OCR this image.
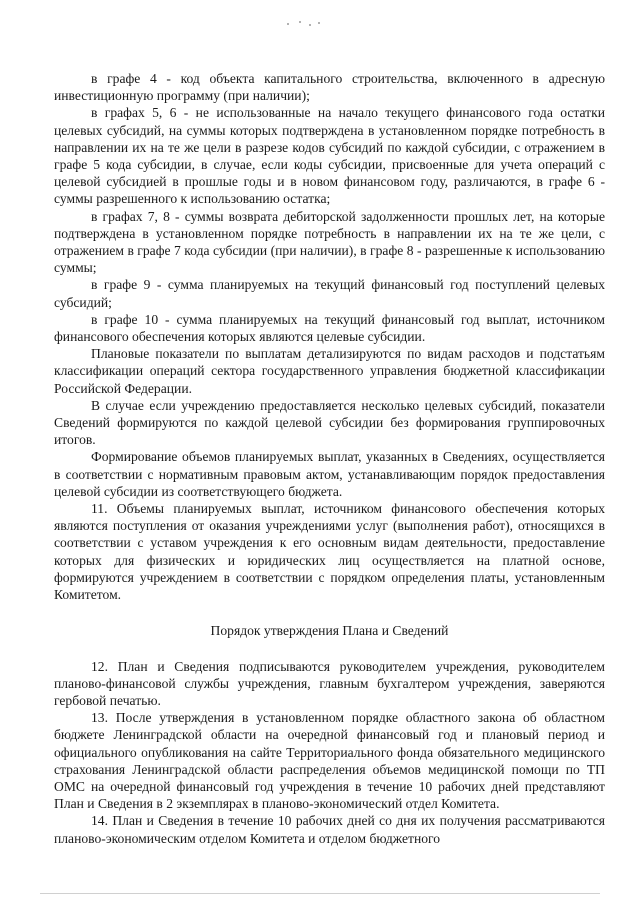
в графе 4 - код объекта капитального строительства, включенного в адресную инвестиционную программу (при наличии);

в графах 5, 6 - не использованные на начало текущего финансового года остатки целевых субсидий, на суммы которых подтверждена в установленном порядке потребность в направлении их на те же цели в разрезе кодов субсидий по каждой субсидии, с отражением в графе 5 кода субсидии, в случае, если коды субсидии, присвоенные для учета операций с целевой субсидией в прошлые годы и в новом финансовом году, различаются, в графе 6 - суммы разрешенного к использованию остатка;

в графах 7, 8 - суммы возврата дебиторской задолженности прошлых лет, на которые подтверждена в установленном порядке потребность в направлении их на те же цели, с отражением в графе 7 кода субсидии (при наличии), в графе 8 - разрешенные к использованию суммы;

в графе 9 - сумма планируемых на текущий финансовый год поступлений целевых субсидий;

в графе 10 - сумма планируемых на текущий финансовый год выплат, источником финансового обеспечения которых являются целевые субсидии.

Плановые показатели по выплатам детализируются по видам расходов и подстатьям классификации операций сектора государственного управления бюджетной классификации Российской Федерации.

В случае если учреждению предоставляется несколько целевых субсидий, показатели Сведений формируются по каждой целевой субсидии без формирования группировочных итогов.

Формирование объемов планируемых выплат, указанных в Сведениях, осуществляется в соответствии с нормативным правовым актом, устанавливающим порядок предоставления целевой субсидии из соответствующего бюджета.

11. Объемы планируемых выплат, источником финансового обеспечения которых являются поступления от оказания учреждениями услуг (выполнения работ), относящихся в соответствии с уставом учреждения к его основным видам деятельности, предоставление которых для физических и юридических лиц осуществляется на платной основе, формируются учреждением в соответствии с порядком определения платы, установленным Комитетом.

Порядок утверждения Плана и Сведений

12. План и Сведения подписываются руководителем учреждения, руководителем планово-финансовой службы учреждения, главным бухгалтером учреждения, заверяются гербовой печатью.

13. После утверждения в установленном порядке областного закона об областном бюджете Ленинградской области на очередной финансовый год и плановый период и официального опубликования на сайте Территориального фонда обязательного медицинского страхования Ленинградской области распределения объемов медицинской помощи по ТП ОМС на очередной финансовый год учреждения в течение 10 рабочих дней представляют План и Сведения в 2 экземплярах в планово-экономический отдел Комитета.

14. План и Сведения в течение 10 рабочих дней со дня их получения рассматриваются планово-экономическим отделом Комитета и отделом бюджетного
